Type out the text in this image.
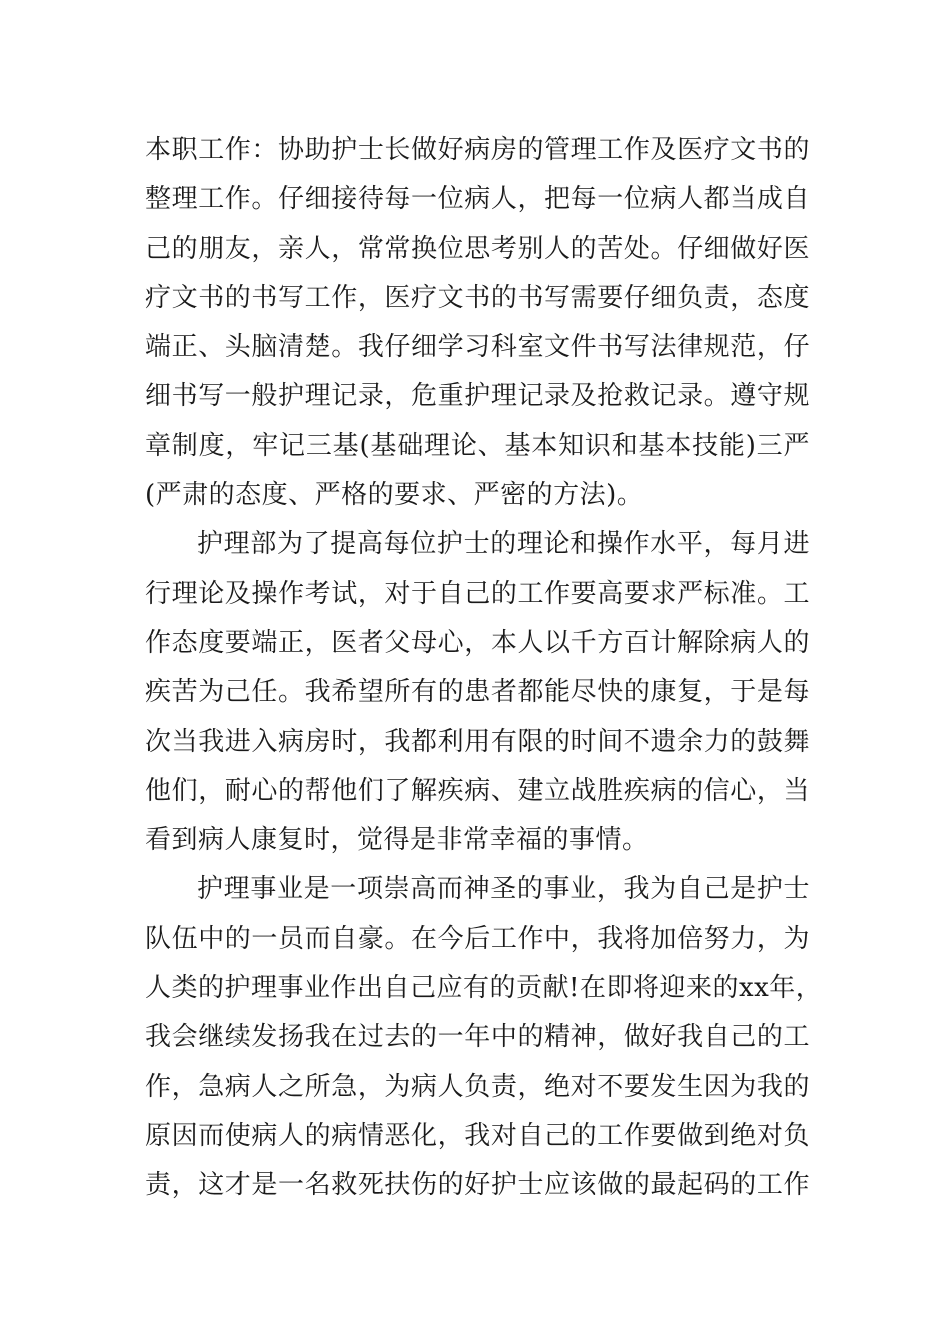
本职工作：协助护士长做好病房的管理工作及医疗文书的
整理工作。仔细接待每一位病人，把每一位病人都当成自
己的朋友，亲人，常常换位思考别人的苦处。仔细做好医
疗文书的书写工作，医疗文书的书写需要仔细负责，态度
端正、头脑清楚。我仔细学习科室文件书写法律规范，仔
细书写一般护理记录，危重护理记录及抢救记录。遵守规
章制度，牢记三基(基础理论、基本知识和基本技能)三严
(严肃的态度、严格的要求、严密的方法)。
护理部为了提高每位护士的理论和操作水平，每月进
行理论及操作考试，对于自己的工作要高要求严标准。工
作态度要端正，医者父母心，本人以千方百计解除病人的
疾苦为己任。我希望所有的患者都能尽快的康复，于是每
次当我进入病房时，我都利用有限的时间不遗余力的鼓舞
他们，耐心的帮他们了解疾病、建立战胜疾病的信心，当
看到病人康复时，觉得是非常幸福的事情。
护理事业是一项崇高而神圣的事业，我为自己是护士
队伍中的一员而自豪。在今后工作中，我将加倍努力，为
人类的护理事业作出自己应有的贡献!在即将迎来的xx年，
我会继续发扬我在过去的一年中的精神，做好我自己的工
作，急病人之所急，为病人负责，绝对不要发生因为我的
原因而使病人的病情恶化，我对自己的工作要做到绝对负
责，这才是一名救死扶伤的好护士应该做的最起码的工作
